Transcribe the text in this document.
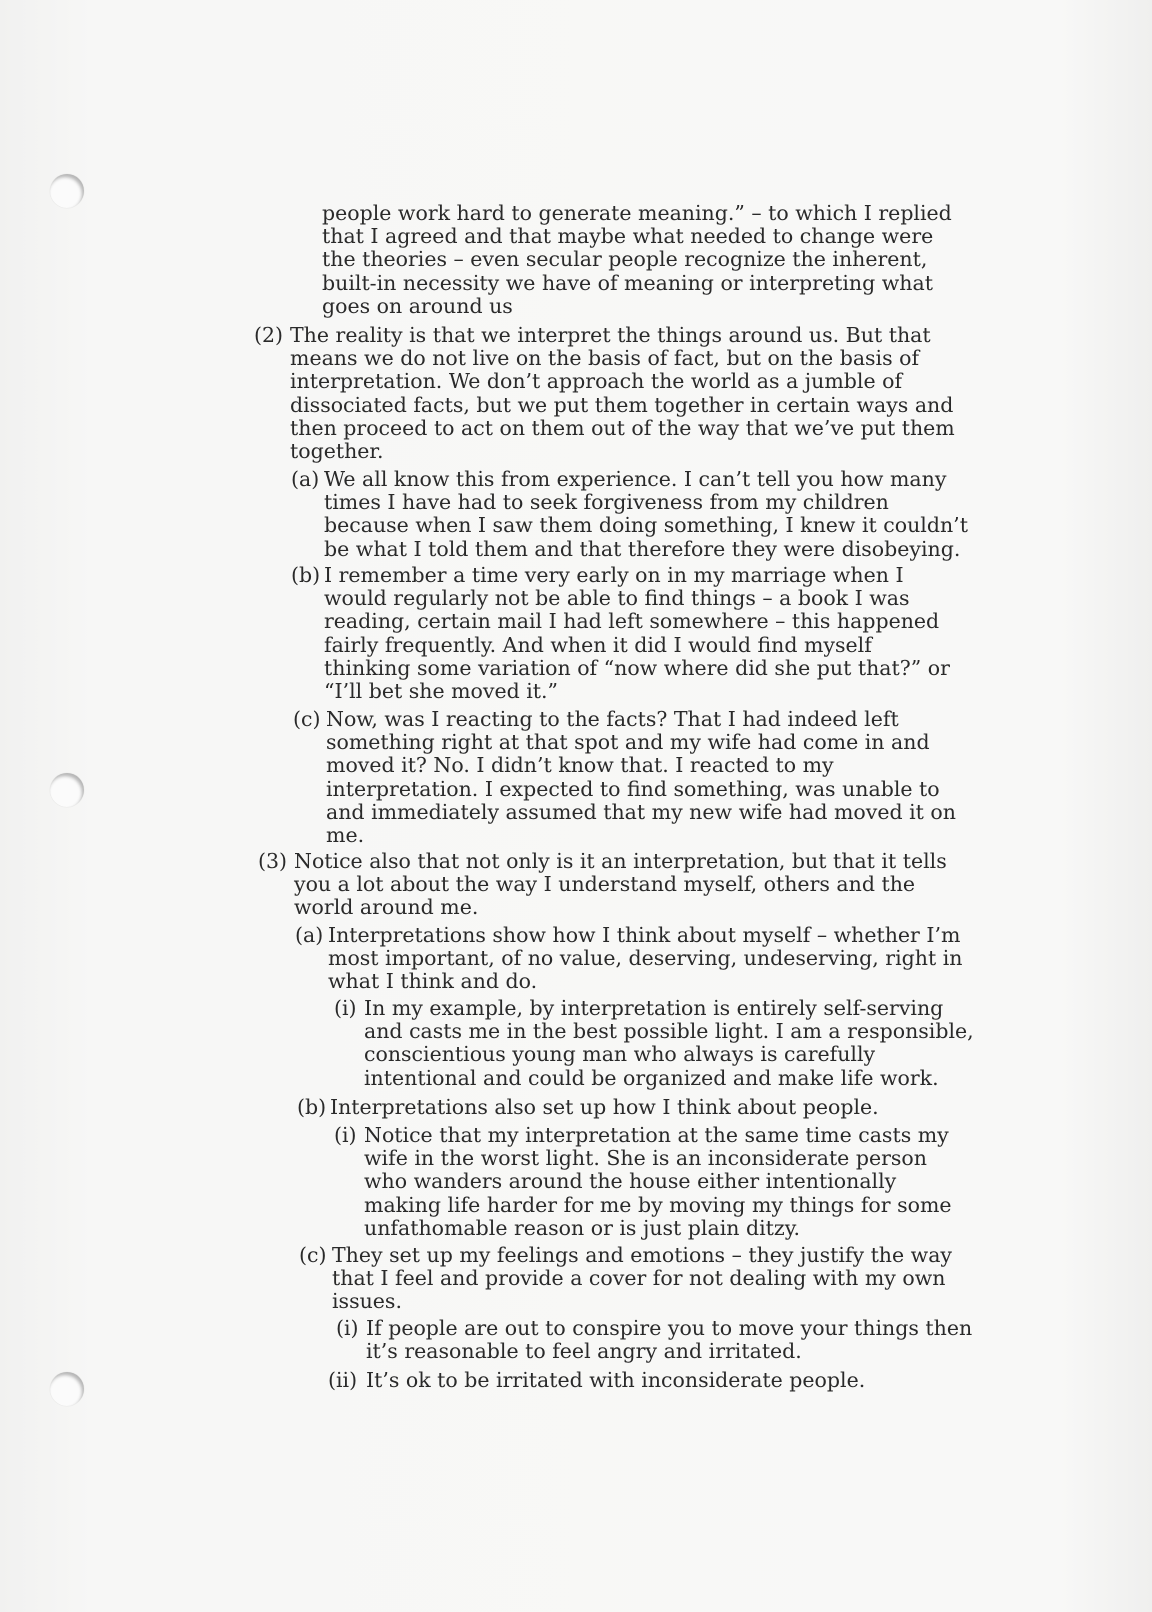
people work hard to generate meaning.” – to which I replied
that I agreed and that maybe what needed to change were
the theories – even secular people recognize the inherent,
built-in necessity we have of meaning or interpreting what
goes on around us
(2) The reality is that we interpret the things around us. But that
means we do not live on the basis of fact, but on the basis of
interpretation. We don’t approach the world as a jumble of
dissociated facts, but we put them together in certain ways and
then proceed to act on them out of the way that we’ve put them
together.
(a) We all know this from experience. I can’t tell you how many
times I have had to seek forgiveness from my children
because when I saw them doing something, I knew it couldn’t
be what I told them and that therefore they were disobeying.
(b) I remember a time very early on in my marriage when I
would regularly not be able to find things – a book I was
reading, certain mail I had left somewhere – this happened
fairly frequently. And when it did I would find myself
thinking some variation of “now where did she put that?” or
“I’ll bet she moved it.”
(c) Now, was I reacting to the facts? That I had indeed left
something right at that spot and my wife had come in and
moved it? No. I didn’t know that. I reacted to my
interpretation. I expected to find something, was unable to
and immediately assumed that my new wife had moved it on
me.
(3) Notice also that not only is it an interpretation, but that it tells
you a lot about the way I understand myself, others and the
world around me.
(a) Interpretations show how I think about myself – whether I’m
most important, of no value, deserving, undeserving, right in
what I think and do.
(i) In my example, by interpretation is entirely self-serving
and casts me in the best possible light. I am a responsible,
conscientious young man who always is carefully
intentional and could be organized and make life work.
(b) Interpretations also set up how I think about people.
(i) Notice that my interpretation at the same time casts my
wife in the worst light. She is an inconsiderate person
who wanders around the house either intentionally
making life harder for me by moving my things for some
unfathomable reason or is just plain ditzy.
(c) They set up my feelings and emotions – they justify the way
that I feel and provide a cover for not dealing with my own
issues.
(i) If people are out to conspire you to move your things then
it’s reasonable to feel angry and irritated.
(ii) It’s ok to be irritated with inconsiderate people.
